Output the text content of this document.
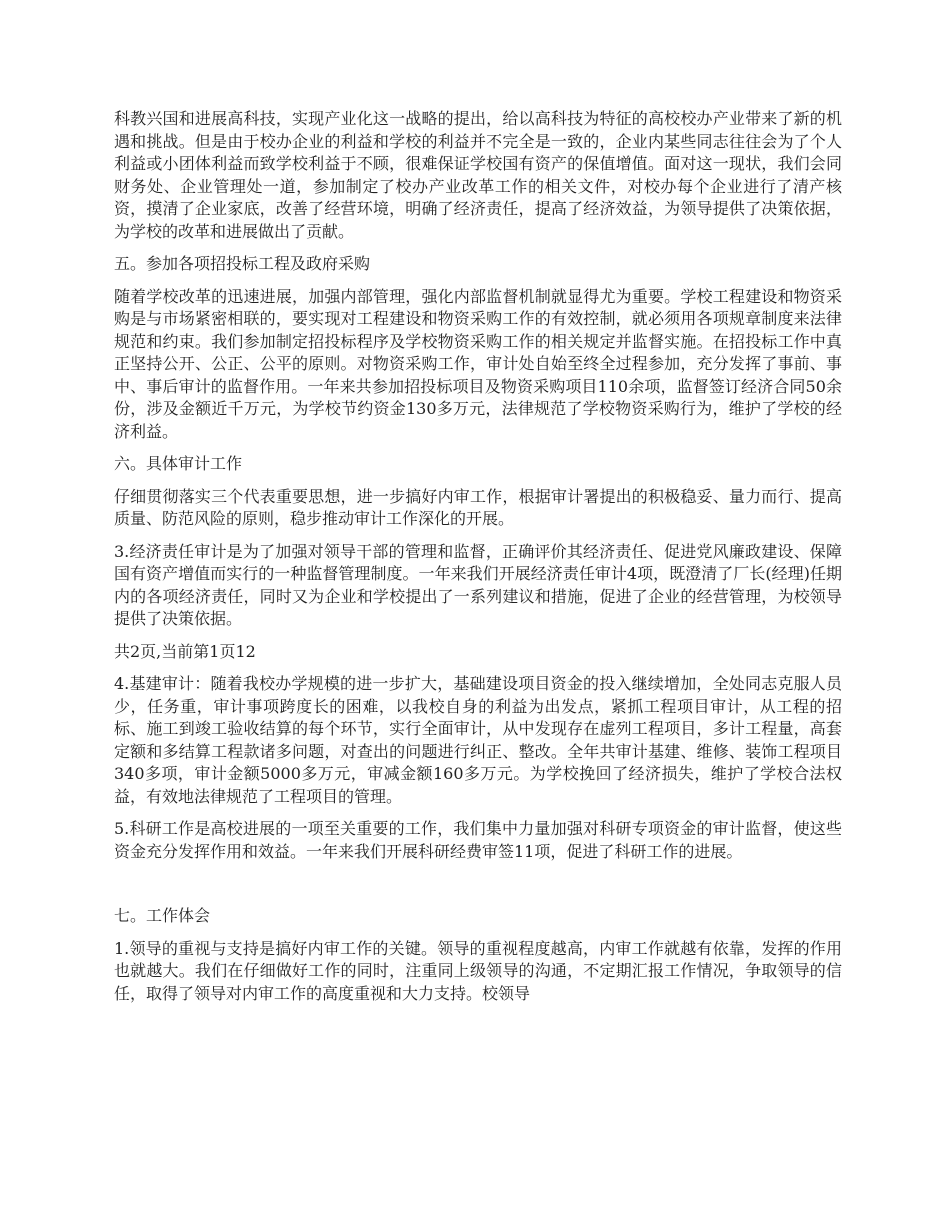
科教兴国和进展高科技，实现产业化这一战略的提出，给以高科技为特征的高校校办产业带来了新的机遇和挑战。但是由于校办企业的利益和学校的利益并不完全是一致的，企业内某些同志往往会为了个人利益或小团体利益而致学校利益于不顾，很难保证学校国有资产的保值增值。面对这一现状，我们会同财务处、企业管理处一道，参加制定了校办产业改革工作的相关文件，对校办每个企业进行了清产核资，摸清了企业家底，改善了经营环境，明确了经济责任，提高了经济效益，为领导提供了决策依据，为学校的改革和进展做出了贡献。

五。参加各项招投标工程及政府采购

随着学校改革的迅速进展，加强内部管理，强化内部监督机制就显得尤为重要。学校工程建设和物资采购是与市场紧密相联的，要实现对工程建设和物资采购工作的有效控制，就必须用各项规章制度来法律规范和约束。我们参加制定招投标程序及学校物资采购工作的相关规定并监督实施。在招投标工作中真正坚持公开、公正、公平的原则。对物资采购工作，审计处自始至终全过程参加，充分发挥了事前、事中、事后审计的监督作用。一年来共参加招投标项目及物资采购项目110余项，监督签订经济合同50余份，涉及金额近千万元，为学校节约资金130多万元，法律规范了学校物资采购行为，维护了学校的经济利益。

六。具体审计工作

仔细贯彻落实三个代表重要思想，进一步搞好内审工作，根据审计署提出的积极稳妥、量力而行、提高质量、防范风险的原则，稳步推动审计工作深化的开展。

3.经济责任审计是为了加强对领导干部的管理和监督，正确评价其经济责任、促进党风廉政建设、保障国有资产增值而实行的一种监督管理制度。一年来我们开展经济责任审计4项，既澄清了厂长(经理)任期内的各项经济责任，同时又为企业和学校提出了一系列建议和措施，促进了企业的经营管理，为校领导提供了决策依据。

共2页,当前第1页12

4.基建审计：随着我校办学规模的进一步扩大，基础建设项目资金的投入继续增加，全处同志克服人员少，任务重，审计事项跨度长的困难，以我校自身的利益为出发点，紧抓工程项目审计，从工程的招标、施工到竣工验收结算的每个环节，实行全面审计，从中发现存在虚列工程项目，多计工程量，高套定额和多结算工程款诸多问题，对查出的问题进行纠正、整改。全年共审计基建、维修、装饰工程项目340多项，审计金额5000多万元，审减金额160多万元。为学校挽回了经济损失，维护了学校合法权益，有效地法律规范了工程项目的管理。

5.科研工作是高校进展的一项至关重要的工作，我们集中力量加强对科研专项资金的审计监督，使这些资金充分发挥作用和效益。一年来我们开展科研经费审签11项，促进了科研工作的进展。

七。工作体会

1.领导的重视与支持是搞好内审工作的关键。领导的重视程度越高，内审工作就越有依靠，发挥的作用也就越大。我们在仔细做好工作的同时，注重同上级领导的沟通，不定期汇报工作情况，争取领导的信任，取得了领导对内审工作的高度重视和大力支持。校领导
